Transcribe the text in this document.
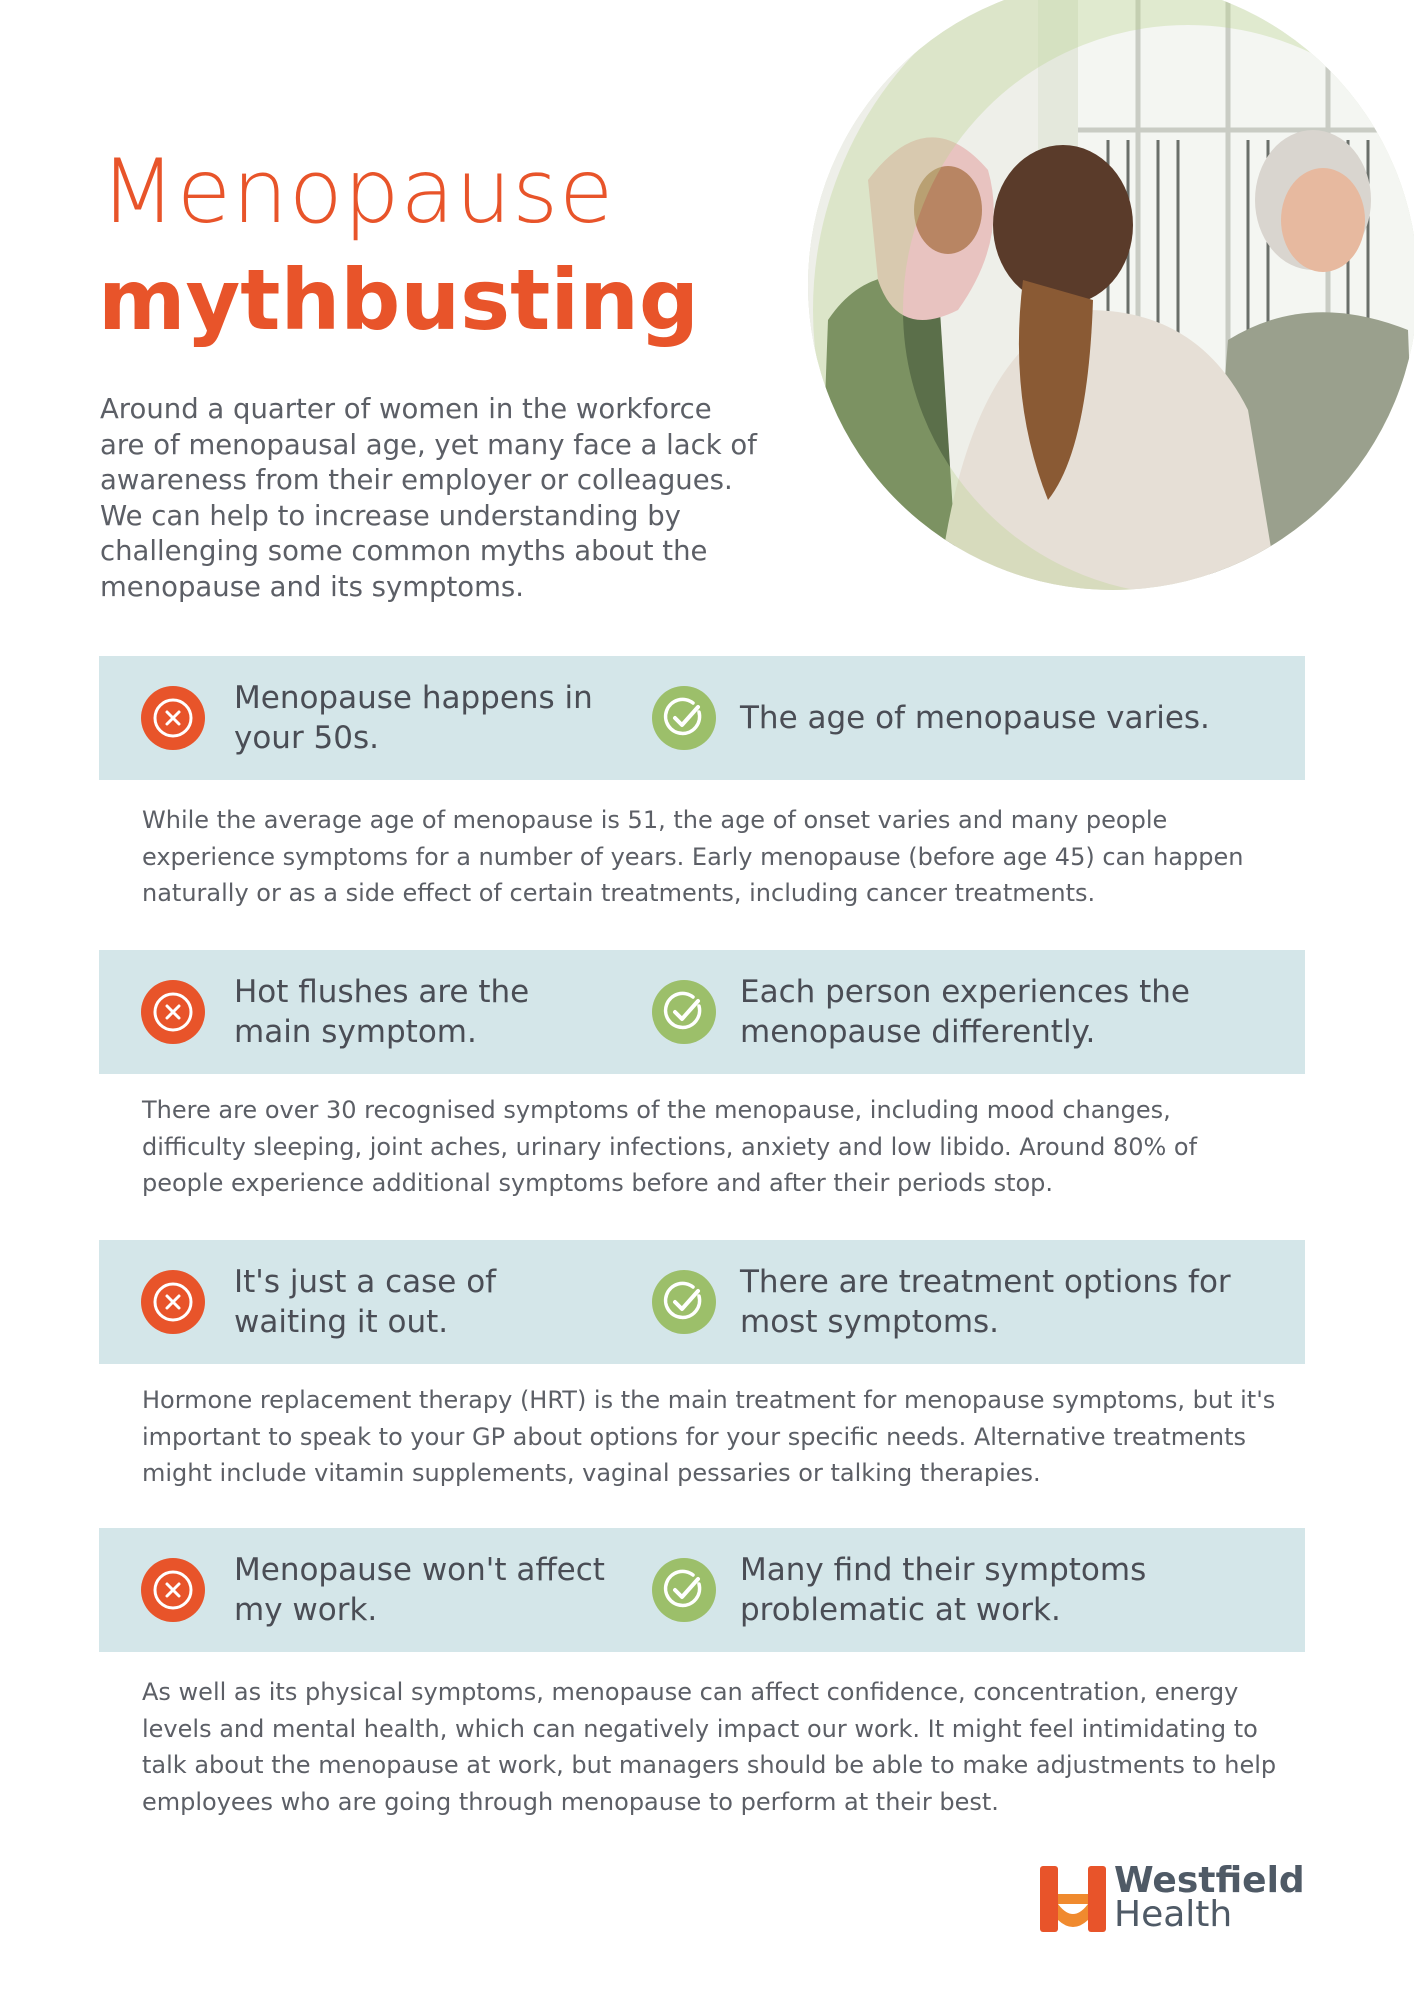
Menopause
mythbusting

Around a quarter of women in the workforce are of menopausal age, yet many face a lack of awareness from their employer or colleagues. We can help to increase understanding by challenging some common myths about the menopause and its symptoms.

Menopause happens in your 50s.
The age of menopause varies.

While the average age of menopause is 51, the age of onset varies and many people experience symptoms for a number of years. Early menopause (before age 45) can happen naturally or as a side effect of certain treatments, including cancer treatments.

Hot flushes are the main symptom.
Each person experiences the menopause differently.

There are over 30 recognised symptoms of the menopause, including mood changes, difficulty sleeping, joint aches, urinary infections, anxiety and low libido. Around 80% of people experience additional symptoms before and after their periods stop.

It's just a case of waiting it out.
There are treatment options for most symptoms.

Hormone replacement therapy (HRT) is the main treatment for menopause symptoms, but it's important to speak to your GP about options for your specific needs. Alternative treatments might include vitamin supplements, vaginal pessaries or talking therapies.

Menopause won't affect my work.
Many find their symptoms problematic at work.

As well as its physical symptoms, menopause can affect confidence, concentration, energy levels and mental health, which can negatively impact our work. It might feel intimidating to talk about the menopause at work, but managers should be able to make adjustments to help employees who are going through menopause to perform at their best.

Westfield
Health
